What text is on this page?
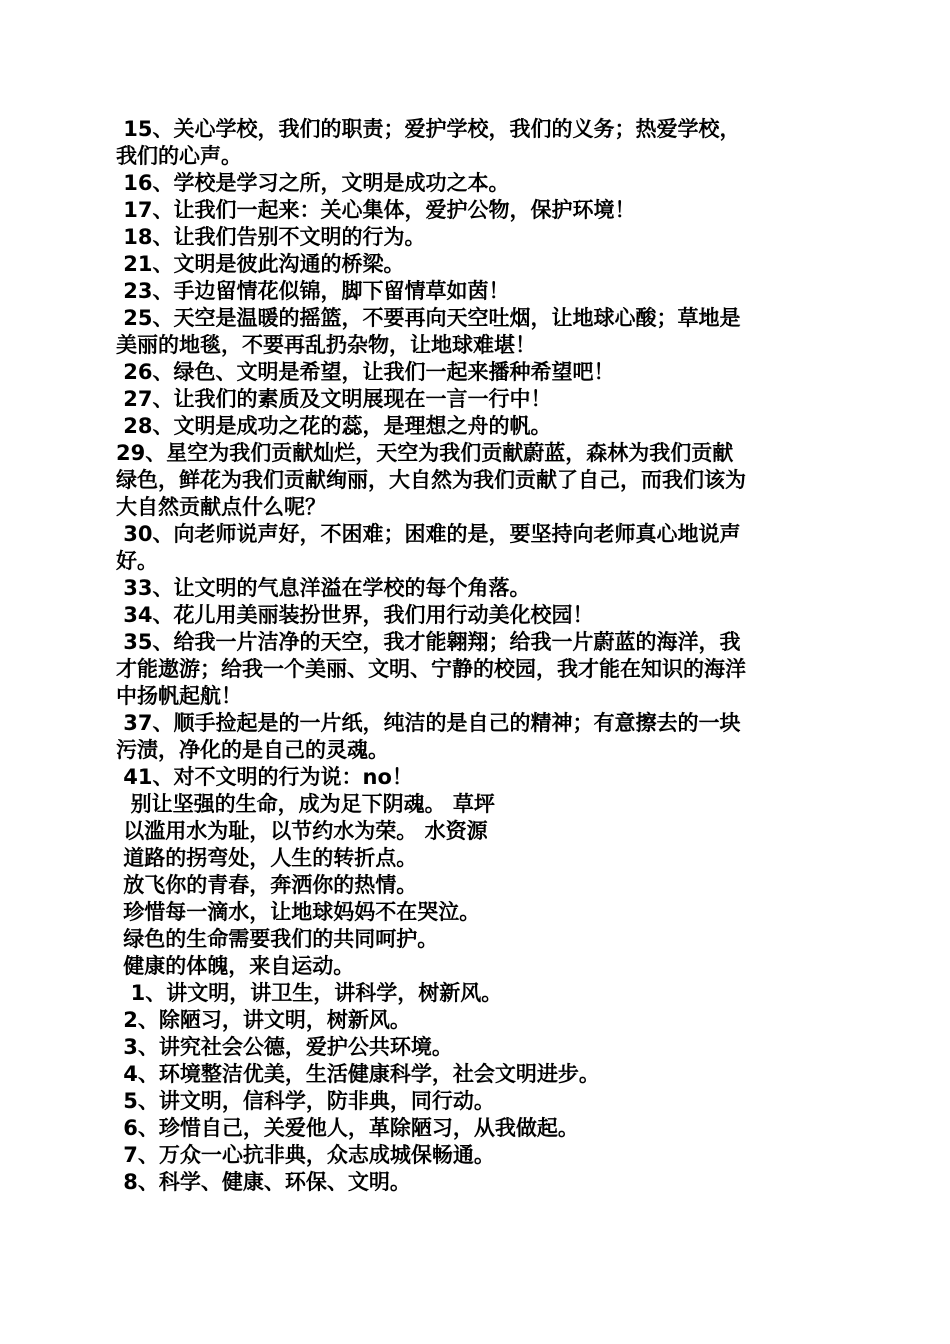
15、关心学校，我们的职责；爱护学校，我们的义务；热爱学校，
我们的心声。
16、学校是学习之所，文明是成功之本。
17、让我们一起来：关心集体，爱护公物，保护环境！
18、让我们告别不文明的行为。
21、文明是彼此沟通的桥梁。
23、手边留情花似锦，脚下留情草如茵！
25、天空是温暖的摇篮，不要再向天空吐烟，让地球心酸；草地是
美丽的地毯，不要再乱扔杂物，让地球难堪！
26、绿色、文明是希望，让我们一起来播种希望吧！
27、让我们的素质及文明展现在一言一行中！
28、文明是成功之花的蕊，是理想之舟的帆。
29、星空为我们贡献灿烂，天空为我们贡献蔚蓝，森林为我们贡献
绿色，鲜花为我们贡献绚丽，大自然为我们贡献了自己，而我们该为
大自然贡献点什么呢？
30、向老师说声好，不困难；困难的是，要坚持向老师真心地说声
好。
33、让文明的气息洋溢在学校的每个角落。
34、花儿用美丽装扮世界，我们用行动美化校园！
35、给我一片洁净的天空，我才能翱翔；给我一片蔚蓝的海洋，我
才能遨游；给我一个美丽、文明、宁静的校园，我才能在知识的海洋
中扬帆起航！
37、顺手捡起是的一片纸，纯洁的是自己的精神；有意擦去的一块
污渍，净化的是自己的灵魂。
41、对不文明的行为说：no！
别让坚强的生命，成为足下阴魂。 草坪
以滥用水为耻，以节约水为荣。 水资源
道路的拐弯处，人生的转折点。
放飞你的青春，奔洒你的热情。
珍惜每一滴水，让地球妈妈不在哭泣。
绿色的生命需要我们的共同呵护。
健康的体魄，来自运动。
1、讲文明，讲卫生，讲科学，树新风。
2、除陋习，讲文明，树新风。
3、讲究社会公德，爱护公共环境。
4、环境整洁优美，生活健康科学，社会文明进步。
5、讲文明，信科学，防非典，同行动。
6、珍惜自己，关爱他人，革除陋习，从我做起。
7、万众一心抗非典，众志成城保畅通。
8、科学、健康、环保、文明。
